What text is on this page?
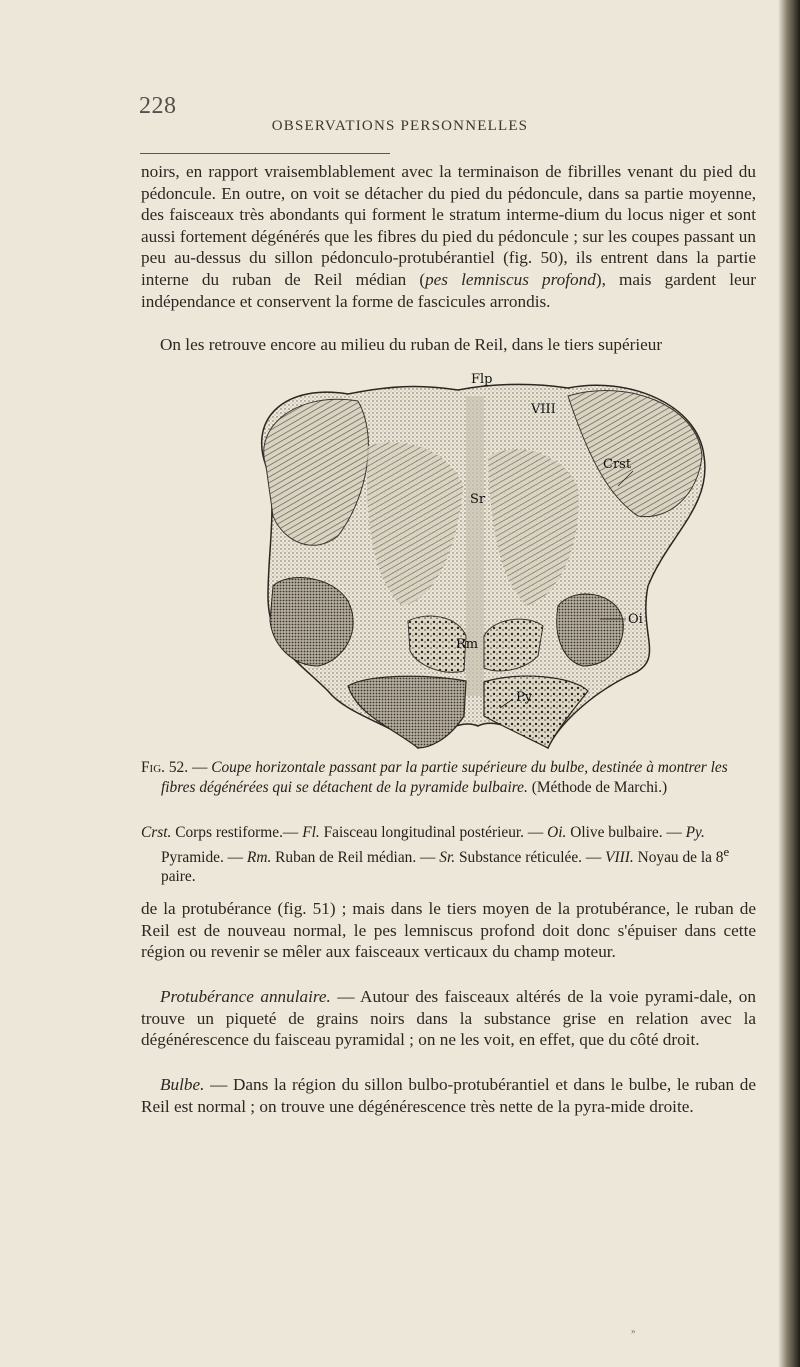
228
OBSERVATIONS PERSONNELLES

noirs, en rapport vraisemblablement avec la terminaison de fibrilles venant du pied du pédoncule. En outre, on voit se détacher du pied du pédoncule, dans sa partie moyenne, des faisceaux très abondants qui forment le stratum interme-dium du locus niger et sont aussi fortement dégénérés que les fibres du pied du pédoncule ; sur les coupes passant un peu au-dessus du sillon pédonculo-protubérantiel (fig. 50), ils entrent dans la partie interne du ruban de Reil médian (pes lemniscus profond), mais gardent leur indépendance et conservent la forme de fascicules arrondis.

On les retrouve encore au milieu du ruban de Reil, dans le tiers supérieur

Flp
VIII
Sr
Crst
Rm
Oi
Py

Fig. 52. — Coupe horizontale passant par la partie supérieure du bulbe, destinée à montrer les fibres dégénérées qui se détachent de la pyramide bulbaire. (Méthode de Marchi.)

Crst. Corps restiforme.— Fl. Faisceau longitudinal postérieur. — Oi. Olive bulbaire. — Py. Pyramide. — Rm. Ruban de Reil médian. — Sr. Substance réticulée. — VIII. Noyau de la 8e paire.

de la protubérance (fig. 51) ; mais dans le tiers moyen de la protubérance, le ruban de Reil est de nouveau normal, le pes lemniscus profond doit donc s'épuiser dans cette région ou revenir se mêler aux faisceaux verticaux du champ moteur.

Protubérance annulaire. — Autour des faisceaux altérés de la voie pyrami-dale, on trouve un piqueté de grains noirs dans la substance grise en relation avec la dégénérescence du faisceau pyramidal ; on ne les voit, en effet, que du côté droit.

Bulbe. — Dans la région du sillon bulbo-protubérantiel et dans le bulbe, le ruban de Reil est normal ; on trouve une dégénérescence très nette de la pyra-mide droite.

»
